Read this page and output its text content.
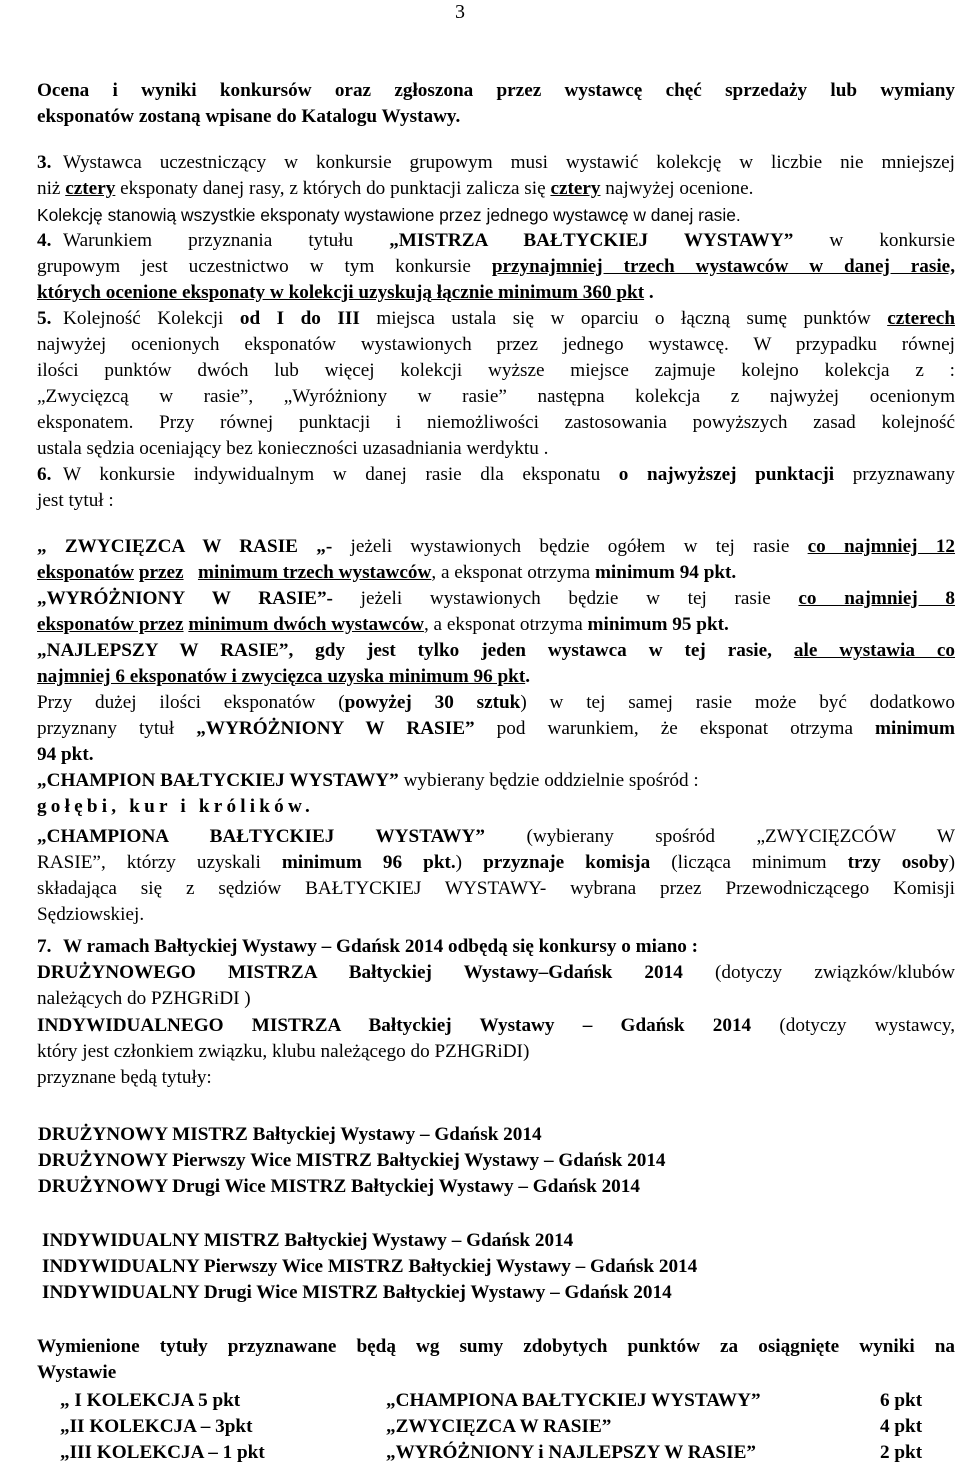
3
Ocena i wyniki konkursów oraz zgłoszona przez wystawcę chęć sprzedaży lub wymiany
eksponatów zostaną wpisane do Katalogu Wystawy.
3. Wystawca uczestniczący w konkursie grupowym musi wystawić kolekcję w liczbie nie mniejszej
niż cztery eksponaty danej rasy, z których do punktacji zalicza się cztery najwyżej ocenione.
Kolekcję stanowią wszystkie eksponaty wystawione przez jednego wystawcę w danej rasie.
4. Warunkiem przyznania tytułu „MISTRZA BAŁTYCKIEJ WYSTAWY” w konkursie
grupowym jest uczestnictwo w tym konkursie przynajmniej trzech wystawców w danej rasie,
których ocenione eksponaty w kolekcji uzyskują łącznie minimum 360 pkt .
5. Kolejność Kolekcji od I do III miejsca ustala się w oparciu o łączną sumę punktów czterech
najwyżej ocenionych eksponatów wystawionych przez jednego wystawcę. W przypadku równej
ilości punktów dwóch lub więcej kolekcji wyższe miejsce zajmuje kolejno kolekcja z :
„Zwycięzcą w rasie”, „Wyróżniony w rasie” następna kolekcja z najwyżej ocenionym
eksponatem. Przy równej punktacji i niemożliwości zastosowania powyższych zasad kolejność
ustala sędzia oceniający bez konieczności uzasadniania werdyktu .
6. W konkursie indywidualnym w danej rasie dla eksponatu o najwyższej punktacji przyznawany
jest tytuł :
„ ZWYCIĘZCA W RASIE „- jeżeli wystawionych będzie ogółem w tej rasie co najmniej 12
eksponatów przez minimum trzech wystawców, a eksponat otrzyma minimum 94 pkt.
„WYRÓŻNIONY W RASIE”- jeżeli wystawionych będzie w tej rasie co najmniej 8
eksponatów przez minimum dwóch wystawców, a eksponat otrzyma minimum 95 pkt.
„NAJLEPSZY W RASIE”, gdy jest tylko jeden wystawca w tej rasie, ale wystawia co
najmniej 6 eksponatów i zwycięzca uzyska minimum 96 pkt.
Przy dużej ilości eksponatów (powyżej 30 sztuk) w tej samej rasie może być dodatkowo
przyznany tytuł „WYRÓŻNIONY W RASIE” pod warunkiem, że eksponat otrzyma minimum
94 pkt.
„CHAMPION BAŁTYCKIEJ WYSTAWY” wybierany będzie oddzielnie spośród :
gołębi, kur i królików.
„CHAMPIONA BAŁTYCKIEJ WYSTAWY” (wybierany spośród „ZWYCIĘZCÓW W
RASIE”, którzy uzyskali minimum 96 pkt.) przyznaje komisja (licząca minimum trzy osoby)
składająca się z sędziów BAŁTYCKIEJ WYSTAWY- wybrana przez Przewodniczącego Komisji
Sędziowskiej.
7. W ramach Bałtyckiej Wystawy – Gdańsk 2014 odbędą się konkursy o miano :
DRUŻYNOWEGO MISTRZA Bałtyckiej Wystawy–Gdańsk 2014 (dotyczy związków/klubów
należących do PZHGRiDI )
INDYWIDUALNEGO MISTRZA Bałtyckiej Wystawy – Gdańsk 2014 (dotyczy wystawcy,
który jest członkiem związku, klubu należącego do PZHGRiDI)
przyznane będą tytuły:
DRUŻYNOWY MISTRZ Bałtyckiej Wystawy – Gdańsk 2014
DRUŻYNOWY Pierwszy Wice MISTRZ Bałtyckiej Wystawy – Gdańsk 2014
DRUŻYNOWY Drugi Wice MISTRZ Bałtyckiej Wystawy – Gdańsk 2014
INDYWIDUALNY MISTRZ Bałtyckiej Wystawy – Gdańsk 2014
INDYWIDUALNY Pierwszy Wice MISTRZ Bałtyckiej Wystawy – Gdańsk 2014
INDYWIDUALNY Drugi Wice MISTRZ Bałtyckiej Wystawy – Gdańsk 2014
Wymienione tytuły przyznawane będą wg sumy zdobytych punktów za osiągnięte wyniki na
Wystawie
„ I KOLEKCJA 5 pkt	„CHAMPIONA BAŁTYCKIEJ WYSTAWY”	6 pkt
„II KOLEKCJA – 3pkt	„ZWYCIĘZCA W RASIE”	4 pkt
„III KOLEKCJA – 1 pkt	„WYRÓŻNIONY i NAJLEPSZY W RASIE”	2 pkt
